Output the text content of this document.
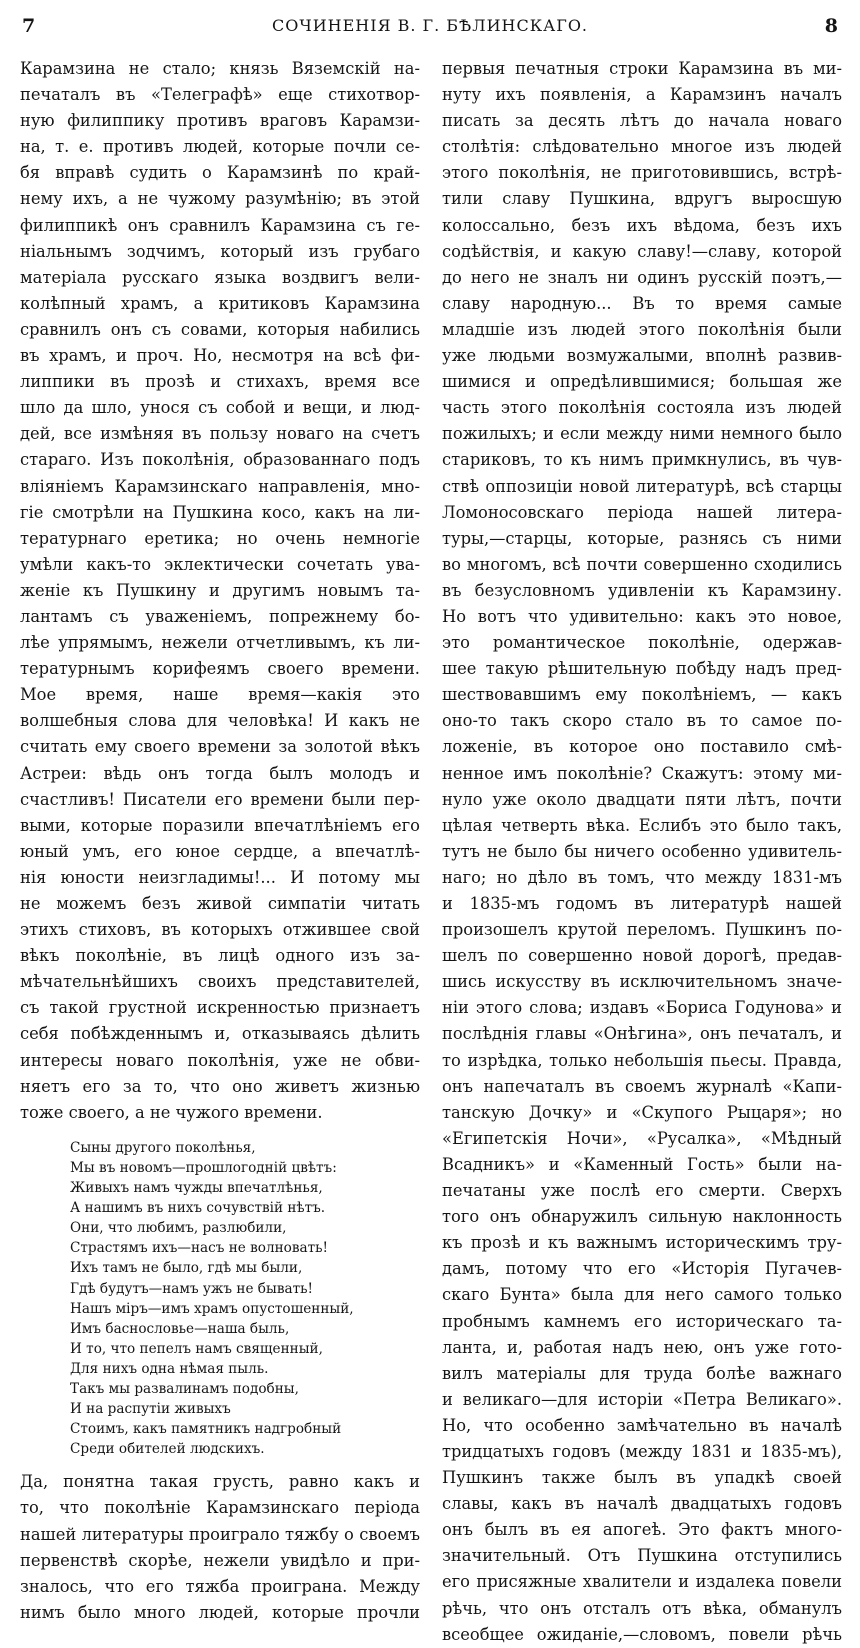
7	СОЧИНЕНІЯ В. Г. БѢЛИНСКАГО.	8
Карамзина не стало; князь Вяземскій на-
печаталъ въ «Телеграфѣ» еще стихотвор-
ную филиппику противъ враговъ Карамзи-
на, т. е. противъ людей, которые почли се-
бя вправѣ судить о Карамзинѣ по край-
нему ихъ, а не чужому разумѣнію; въ этой
филиппикѣ онъ сравнилъ Карамзина съ ге-
ніальнымъ зодчимъ, который изъ грубаго
матеріала русскаго языка воздвигъ вели-
колѣпный храмъ, а критиковъ Карамзина
сравнилъ онъ съ совами, которыя набились
въ храмъ, и проч. Но, несмотря на всѣ фи-
липпики въ прозѣ и стихахъ, время все
шло да шло, унося съ собой и вещи, и люд-
дей, все измѣняя въ пользу новаго на счетъ
стараго. Изъ поколѣнія, образованнаго подъ
вліяніемъ Карамзинскаго направленія, мно-
гіе смотрѣли на Пушкина косо, какъ на ли-
тературнаго еретика; но очень немногіе
умѣли какъ-то эклектически сочетать ува-
женіе къ Пушкину и другимъ новымъ та-
лантамъ съ уваженіемъ, попрежнему бо-
лѣе упрямымъ, нежели отчетливымъ, къ ли-
тературнымъ корифеямъ своего времени.
Мое время, наше время—какія это
волшебныя слова для человѣка! И какъ не
считать ему своего времени за золотой вѣкъ
Астреи: вѣдь онъ тогда былъ молодъ и
счастливъ! Писатели его времени были пер-
выми, которые поразили впечатлѣніемъ его
юный умъ, его юное сердце, а впечатлѣ-
нія юности неизгладимы!... И потому мы
не можемъ безъ живой симпатіи читать
этихъ стиховъ, въ которыхъ отжившее свой
вѣкъ поколѣніе, въ лицѣ одного изъ за-
мѣчательнѣйшихъ своихъ представителей,
съ такой грустной искренностью признаетъ
себя побѣжденнымъ и, отказываясь дѣлить
интересы новаго поколѣнія, уже не обви-
няетъ его за то, что оно живетъ жизнью
тоже своего, а не чужого времени.
Сыны другого поколѣнья,
Мы въ новомъ—прошлогодній цвѣтъ:
Живыхъ намъ чужды впечатлѣнья,
А нашимъ въ нихъ сочувствій нѣтъ.
Они, что любимъ, разлюбили,
Страстямъ ихъ—насъ не волновать!
Ихъ тамъ не было, гдѣ мы были,
Гдѣ будутъ—намъ ужъ не бывать!
Нашъ міръ—имъ храмъ опустошенный,
Имъ баснословье—наша быль,
И то, что пепелъ намъ священный,
Для нихъ одна нѣмая пыль.
Такъ мы развалинамъ подобны,
И на распутіи живыхъ
Стоимъ, какъ памятникъ надгробный
Среди обителей людскихъ.
Да, понятна такая грусть, равно какъ и
то, что поколѣніе Карамзинскаго періода
нашей литературы проиграло тяжбу о своемъ
первенствѣ скорѣе, нежели увидѣло и при-
зналось, что его тяжба проиграна. Между
нимъ было много людей, которые прочли
первыя печатныя строки Карамзина въ ми-
нуту ихъ появленія, а Карамзинъ началъ
писать за десять лѣтъ до начала новаго
столѣтія: слѣдовательно многое изъ людей
этого поколѣнія, не приготовившись, встрѣ-
тили славу Пушкина, вдругъ выросшую
колоссально, безъ ихъ вѣдома, безъ ихъ
содѣйствія, и какую славу!—славу, которой
до него не зналъ ни одинъ русскій поэтъ,—
славу народную... Въ то время самые
младшіе изъ людей этого поколѣнія были
уже людьми возмужалыми, вполнѣ развив-
шимися и опредѣлившимися; большая же
часть этого поколѣнія состояла изъ людей
пожилыхъ; и если между ними немного было
стариковъ, то къ нимъ примкнулись, въ чув-
ствѣ оппозиціи новой литературѣ, всѣ старцы
Ломоносовскаго періода нашей литера-
туры,—старцы, которые, разнясь съ ними
во многомъ, всѣ почти совершенно сходились
въ безусловномъ удивленіи къ Карамзину.
Но вотъ что удивительно: какъ это новое,
это романтическое поколѣніе, одержав-
шее такую рѣшительную побѣду надъ пред-
шествовавшимъ ему поколѣніемъ, — какъ
оно-то такъ скоро стало въ то самое по-
ложеніе, въ которое оно поставило смѣ-
ненное имъ поколѣніе? Скажутъ: этому ми-
нуло уже около двадцати пяти лѣтъ, почти
цѣлая четверть вѣка. Еслибъ это было такъ,
тутъ не было бы ничего особенно удивитель-
наго; но дѣло въ томъ, что между 1831-мъ
и 1835-мъ годомъ въ литературѣ нашей
произошелъ крутой переломъ. Пушкинъ по-
шелъ по совершенно новой дорогѣ, предав-
шись искусству въ исключительномъ значе-
ніи этого слова; издавъ «Бориса Годунова» и
послѣднія главы «Онѣгина», онъ печаталъ, и
то изрѣдка, только небольшія пьесы. Правда,
онъ напечаталъ въ своемъ журналѣ «Капи-
танскую Дочку» и «Скупого Рыцаря»; но
«Египетскія Ночи», «Русалка», «Мѣдный
Всадникъ» и «Каменный Гость» были на-
печатаны уже послѣ его смерти. Сверхъ
того онъ обнаружилъ сильную наклонность
къ прозѣ и къ важнымъ историческимъ тру-
дамъ, потому что его «Исторія Пугачев-
скаго Бунта» была для него самого только
пробнымъ камнемъ его историческаго та-
ланта, и, работая надъ нею, онъ уже гото-
вилъ матеріалы для труда болѣе важнаго
и великаго—для исторіи «Петра Великаго».
Но, что особенно замѣчательно въ началѣ
тридцатыхъ годовъ (между 1831 и 1835-мъ),
Пушкинъ также былъ въ упадкѣ своей
славы, какъ въ началѣ двадцатыхъ годовъ
онъ былъ въ ея апогеѣ. Это фактъ много-
значительный. Отъ Пушкина отступились
его присяжные хвалители и издалека повели
рѣчь, что онъ отсталъ отъ вѣка, обманулъ
всеобщее ожиданіе,—словомъ, повели рѣчь
